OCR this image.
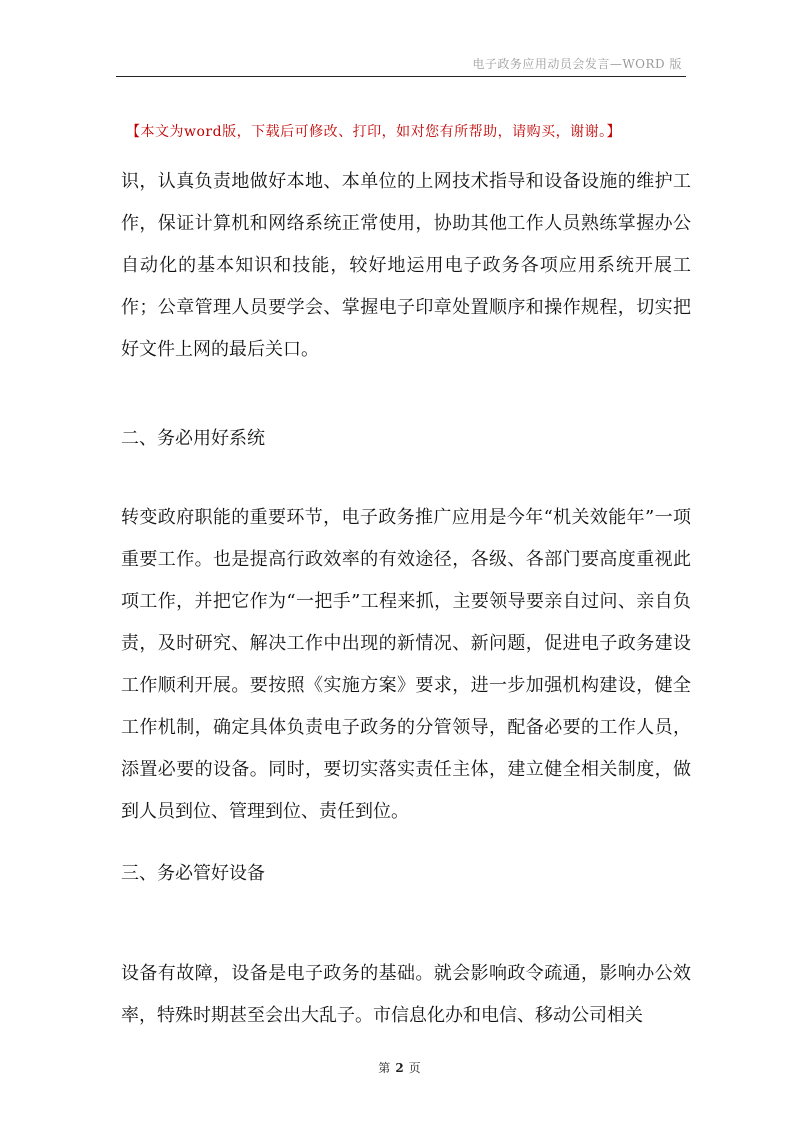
电子政务应用动员会发言—WORD 版
【本文为word版，下载后可修改、打印，如对您有所帮助，请购买，谢谢。】

识，认真负责地做好本地、本单位的上网技术指导和设备设施的维护工作，保证计算机和网络系统正常使用，协助其他工作人员熟练掌握办公自动化的基本知识和技能，较好地运用电子政务各项应用系统开展工作；公章管理人员要学会、掌握电子印章处置顺序和操作规程，切实把好文件上网的最后关口。

二、务必用好系统

转变政府职能的重要环节，电子政务推广应用是今年“机关效能年”一项重要工作。也是提高行政效率的有效途径，各级、各部门要高度重视此项工作，并把它作为“一把手”工程来抓，主要领导要亲自过问、亲自负责，及时研究、解决工作中出现的新情况、新问题，促进电子政务建设工作顺利开展。要按照《实施方案》要求，进一步加强机构建设，健全工作机制，确定具体负责电子政务的分管领导，配备必要的工作人员，添置必要的设备。同时，要切实落实责任主体，建立健全相关制度，做到人员到位、管理到位、责任到位。

三、务必管好设备

设备有故障，设备是电子政务的基础。就会影响政令疏通，影响办公效率，特殊时期甚至会出大乱子。市信息化办和电信、移动公司相关

第 2 页
